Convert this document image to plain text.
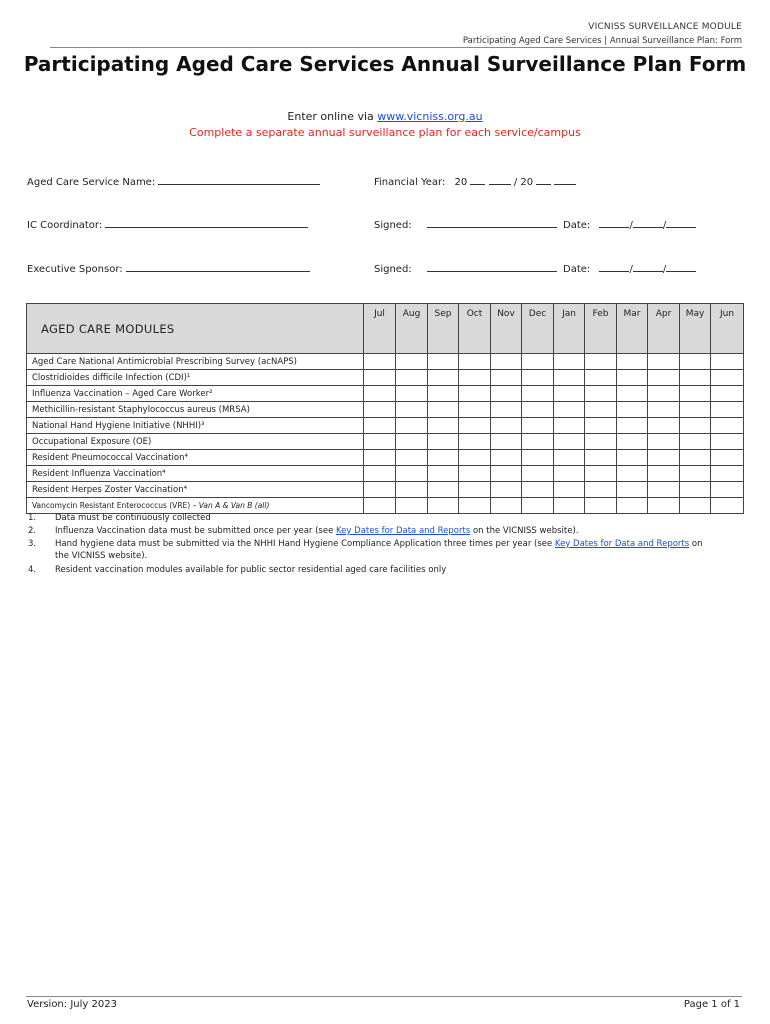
VICNISS SURVEILLANCE MODULE
Participating Aged Care Services | Annual Surveillance Plan: Form
Participating Aged Care Services Annual Surveillance Plan Form
Enter online via www.vicniss.org.au
Complete a separate annual surveillance plan for each service/campus
Aged Care Service Name:	Financial Year: 20	/ 20
IC Coordinator:	Signed:	Date:	/	/
Executive Sponsor:	Signed:	Date:	/	/
AGED CARE MODULES	Jul	Aug	Sep	Oct	Nov	Dec	Jan	Feb	Mar	Apr	May	Jun
Aged Care National Antimicrobial Prescribing Survey (acNAPS)												
Clostridioides difficile Infection (CDI)¹												
Influenza Vaccination – Aged Care Worker²												
Methicillin-resistant Staphylococcus aureus (MRSA)												
National Hand Hygiene Initiative (NHHI)³												
Occupational Exposure (OE)												
Resident Pneumococcal Vaccination⁴												
Resident Influenza Vaccination⁴												
Resident Herpes Zoster Vaccination⁴												
Vancomycin Resistant Enterococcus (VRE) – Van A & Van B (all)												
1. Data must be continuously collected
2. Influenza Vaccination data must be submitted once per year (see Key Dates for Data and Reports on the VICNISS website).
3. Hand hygiene data must be submitted via the NHHI Hand Hygiene Compliance Application three times per year (see Key Dates for Data and Reports on
the VICNISS website).
4. Resident vaccination modules available for public sector residential aged care facilities only
Version: July 2023	Page 1 of 1
